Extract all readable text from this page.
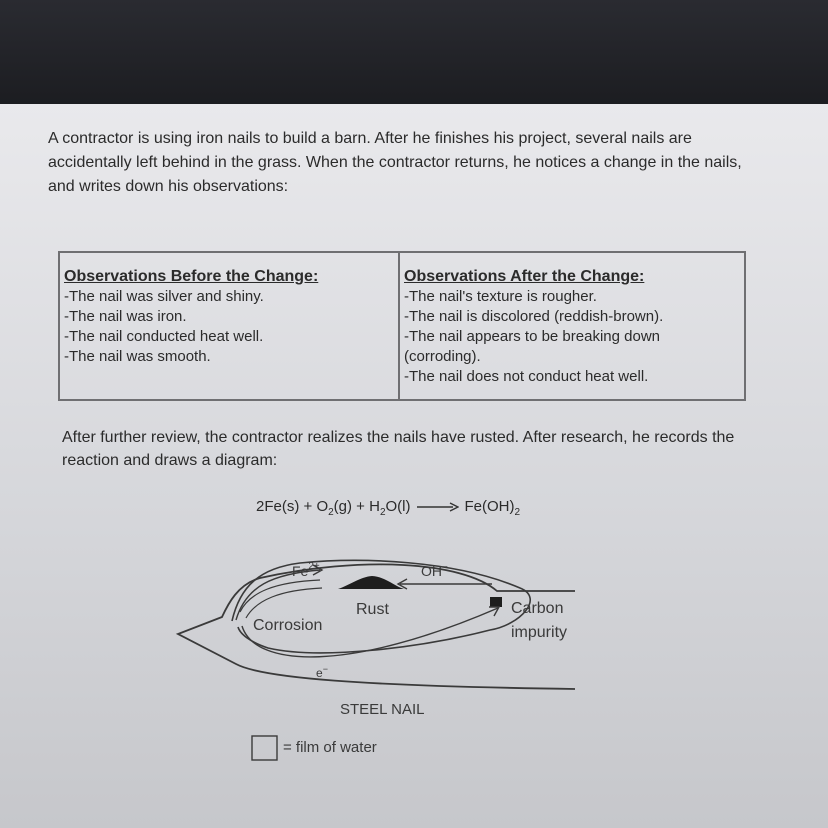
A contractor is using iron nails to build a barn. After he finishes his project, several nails are accidentally left behind in the grass. When the contractor returns, he notices a change in the nails, and writes down his observations:

Observations Before the Change:

-The nail was silver and shiny.
-The nail was iron.
-The nail conducted heat well.
-The nail was smooth.

Observations After the Change:

-The nail's texture is rougher.
-The nail is discolored (reddish-brown).
-The nail appears to be breaking down (corroding).
-The nail does not conduct heat well.

After further review, the contractor realizes the nails have rusted. After research, he records the reaction and draws a diagram:

$2Fe(s) + O_2(g) + H_2O(l) \to Fe(OH)_2$
$Fe^{2+}$	OH−
Rust
Corrosion
Carbon
impurity
e−
STEEL NAIL
= film of water
